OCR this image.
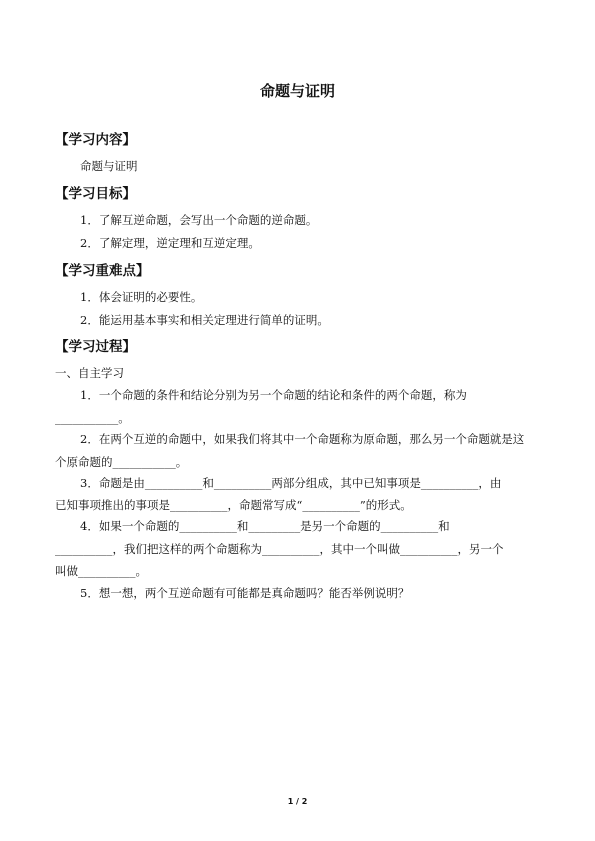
命题与证明
【学习内容】
命题与证明
【学习目标】
1．了解互逆命题，会写出一个命题的逆命题。
2．了解定理，逆定理和互逆定理。
【学习重难点】
1．体会证明的必要性。
2．能运用基本事实和相关定理进行简单的证明。
【学习过程】
一、自主学习
1．一个命题的条件和结论分别为另一个命题的结论和条件的两个命题，称为
___________。
2．在两个互逆的命题中，如果我们将其中一个命题称为原命题，那么另一个命题就是这
个原命题的___________。
3．命题是由__________和__________两部分组成，其中已知事项是__________，由
已知事项推出的事项是__________，命题常写成“__________”的形式。
4．如果一个命题的__________和_________是另一个命题的__________和
__________，我们把这样的两个命题称为__________，其中一个叫做__________，另一个
叫做__________。
5．想一想，两个互逆命题有可能都是真命题吗？能否举例说明？
1 / 2
